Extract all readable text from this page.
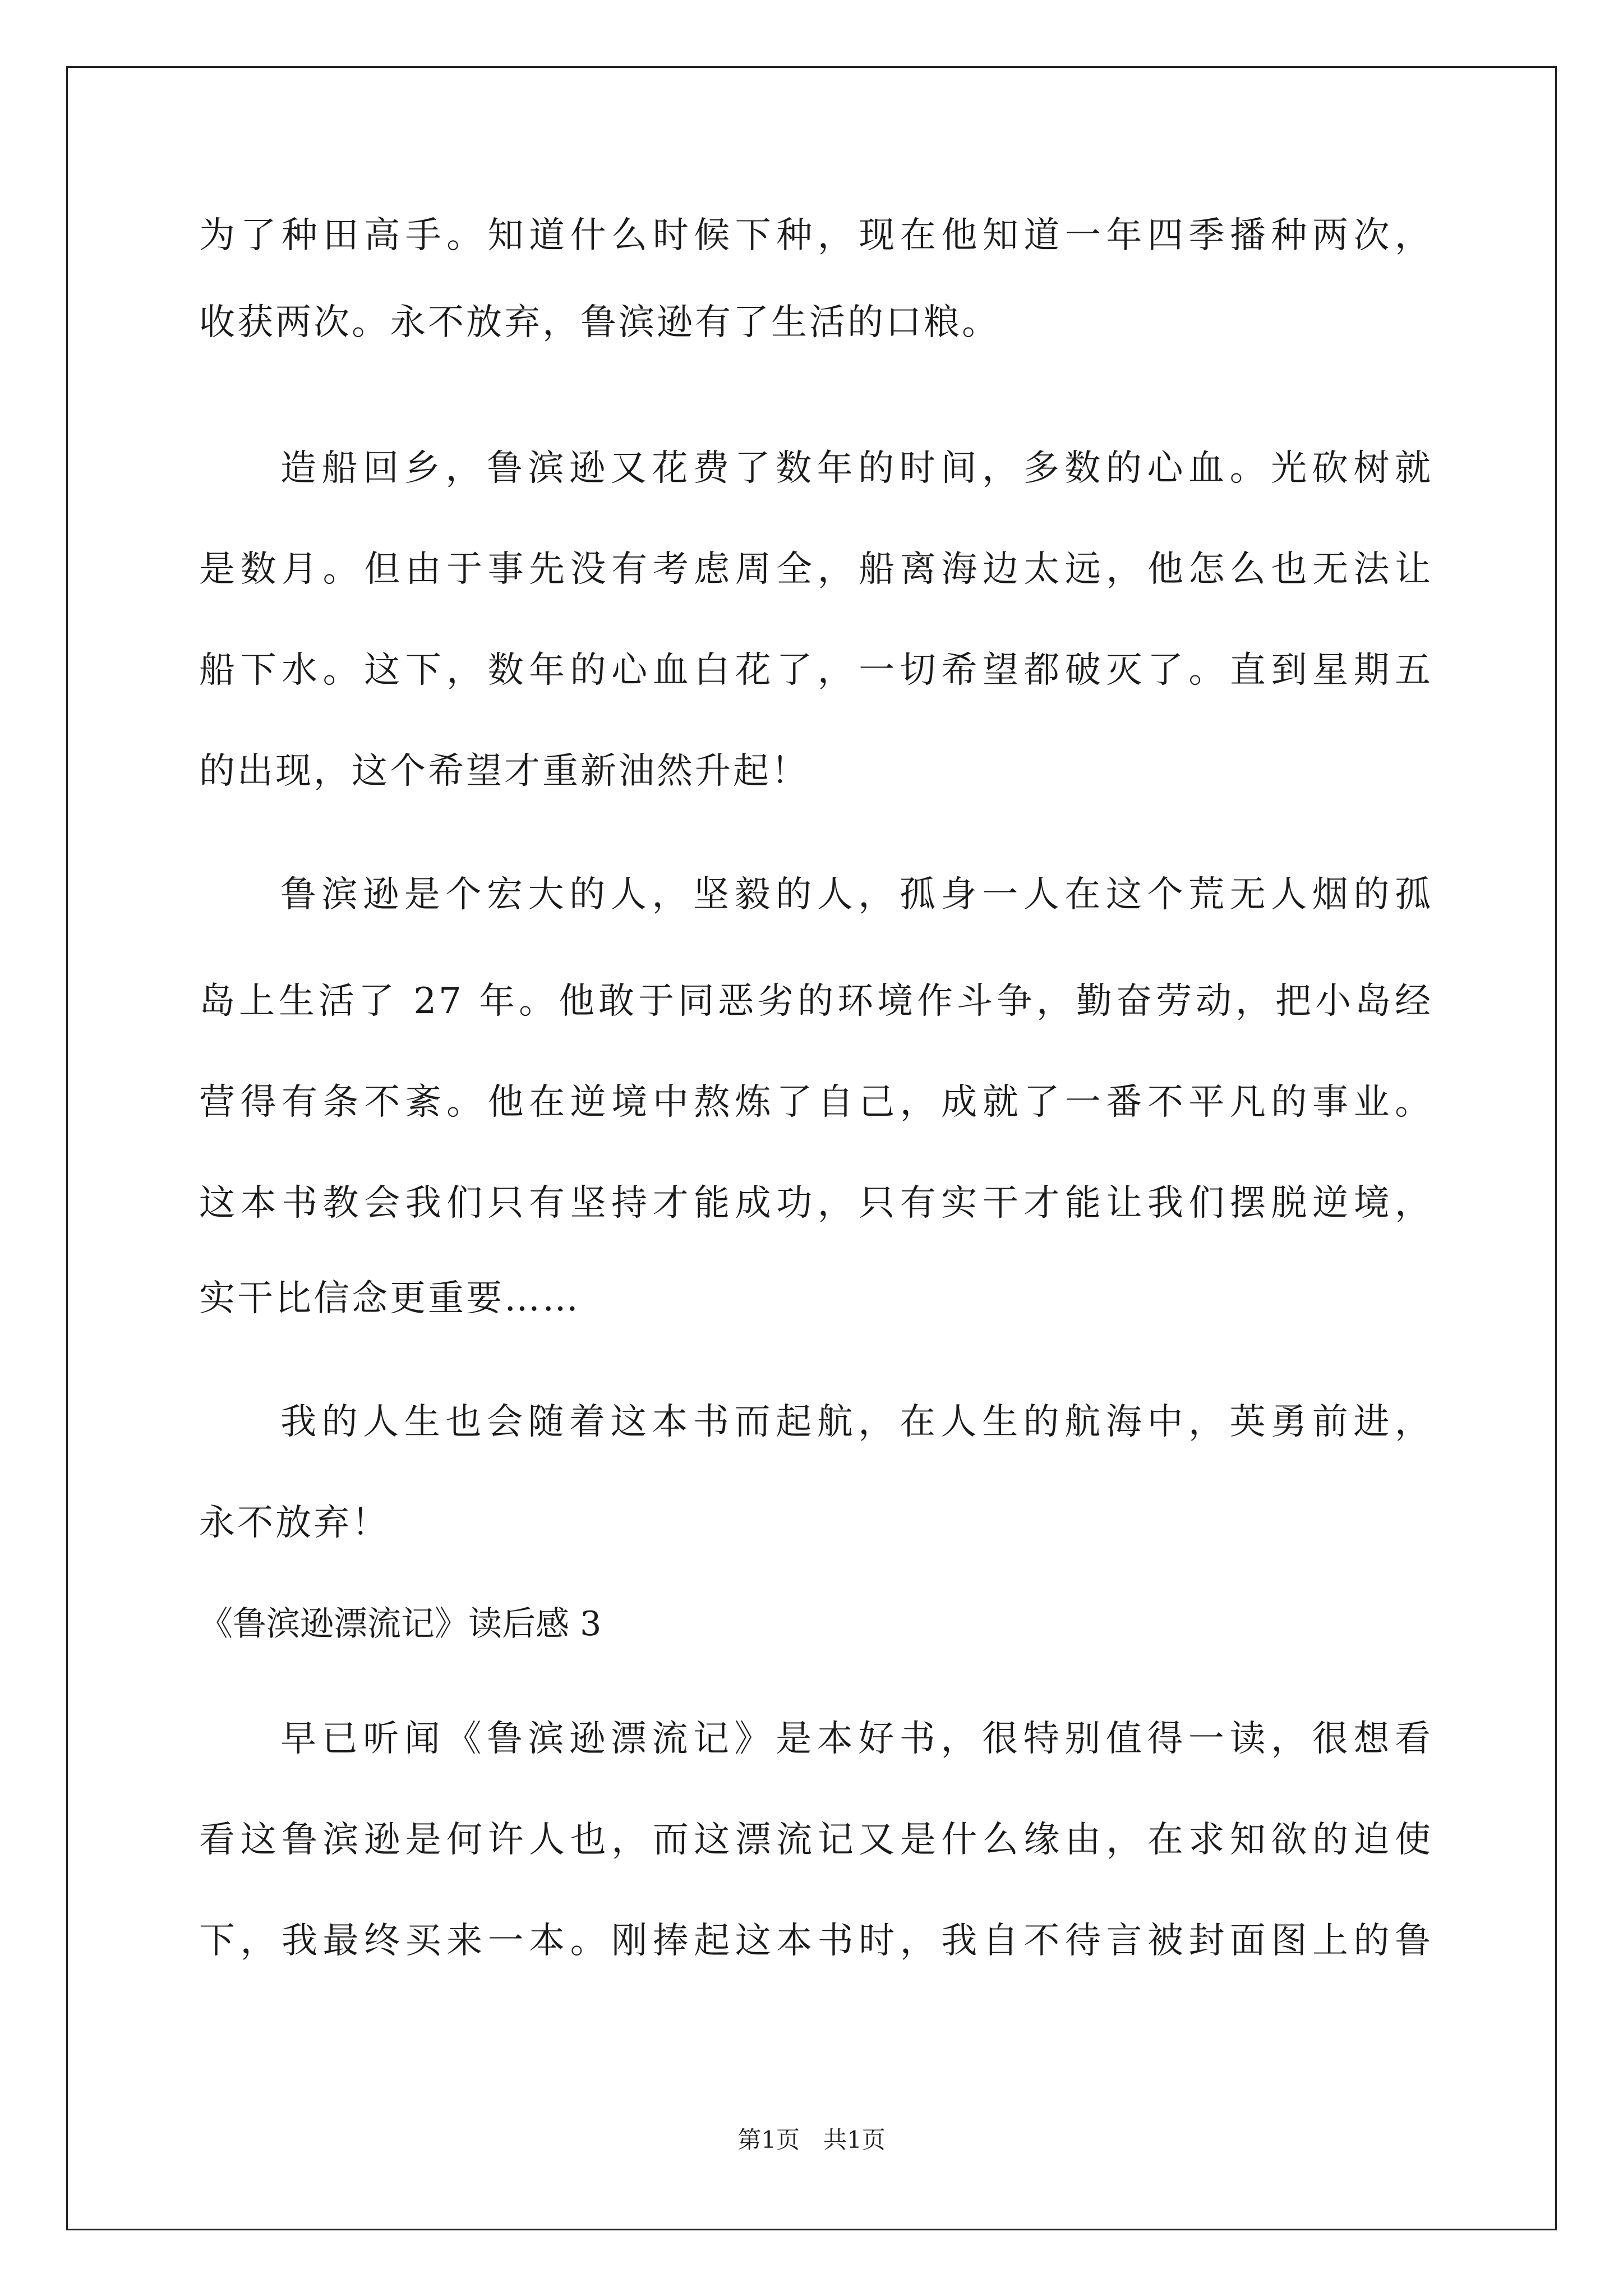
为了种田高手。知道什么时候下种，现在他知道一年四季播种两次，
收获两次。永不放弃，鲁滨逊有了生活的口粮。
造船回乡，鲁滨逊又花费了数年的时间，多数的心血。光砍树就
是数月。但由于事先没有考虑周全，船离海边太远，他怎么也无法让
船下水。这下，数年的心血白花了，一切希望都破灭了。直到星期五
的出现，这个希望才重新油然升起！
鲁滨逊是个宏大的人，坚毅的人，孤身一人在这个荒无人烟的孤
岛上生活了 27 年。他敢于同恶劣的环境作斗争，勤奋劳动，把小岛经
营得有条不紊。他在逆境中熬炼了自己，成就了一番不平凡的事业。
这本书教会我们只有坚持才能成功，只有实干才能让我们摆脱逆境，
实干比信念更重要……
我的人生也会随着这本书而起航，在人生的航海中，英勇前进，
永不放弃！
《鲁滨逊漂流记》读后感 3
早已听闻《鲁滨逊漂流记》是本好书，很特别值得一读，很想看
看这鲁滨逊是何许人也，而这漂流记又是什么缘由，在求知欲的迫使
下，我最终买来一本。刚捧起这本书时，我自不待言被封面图上的鲁
第1页　共1页
